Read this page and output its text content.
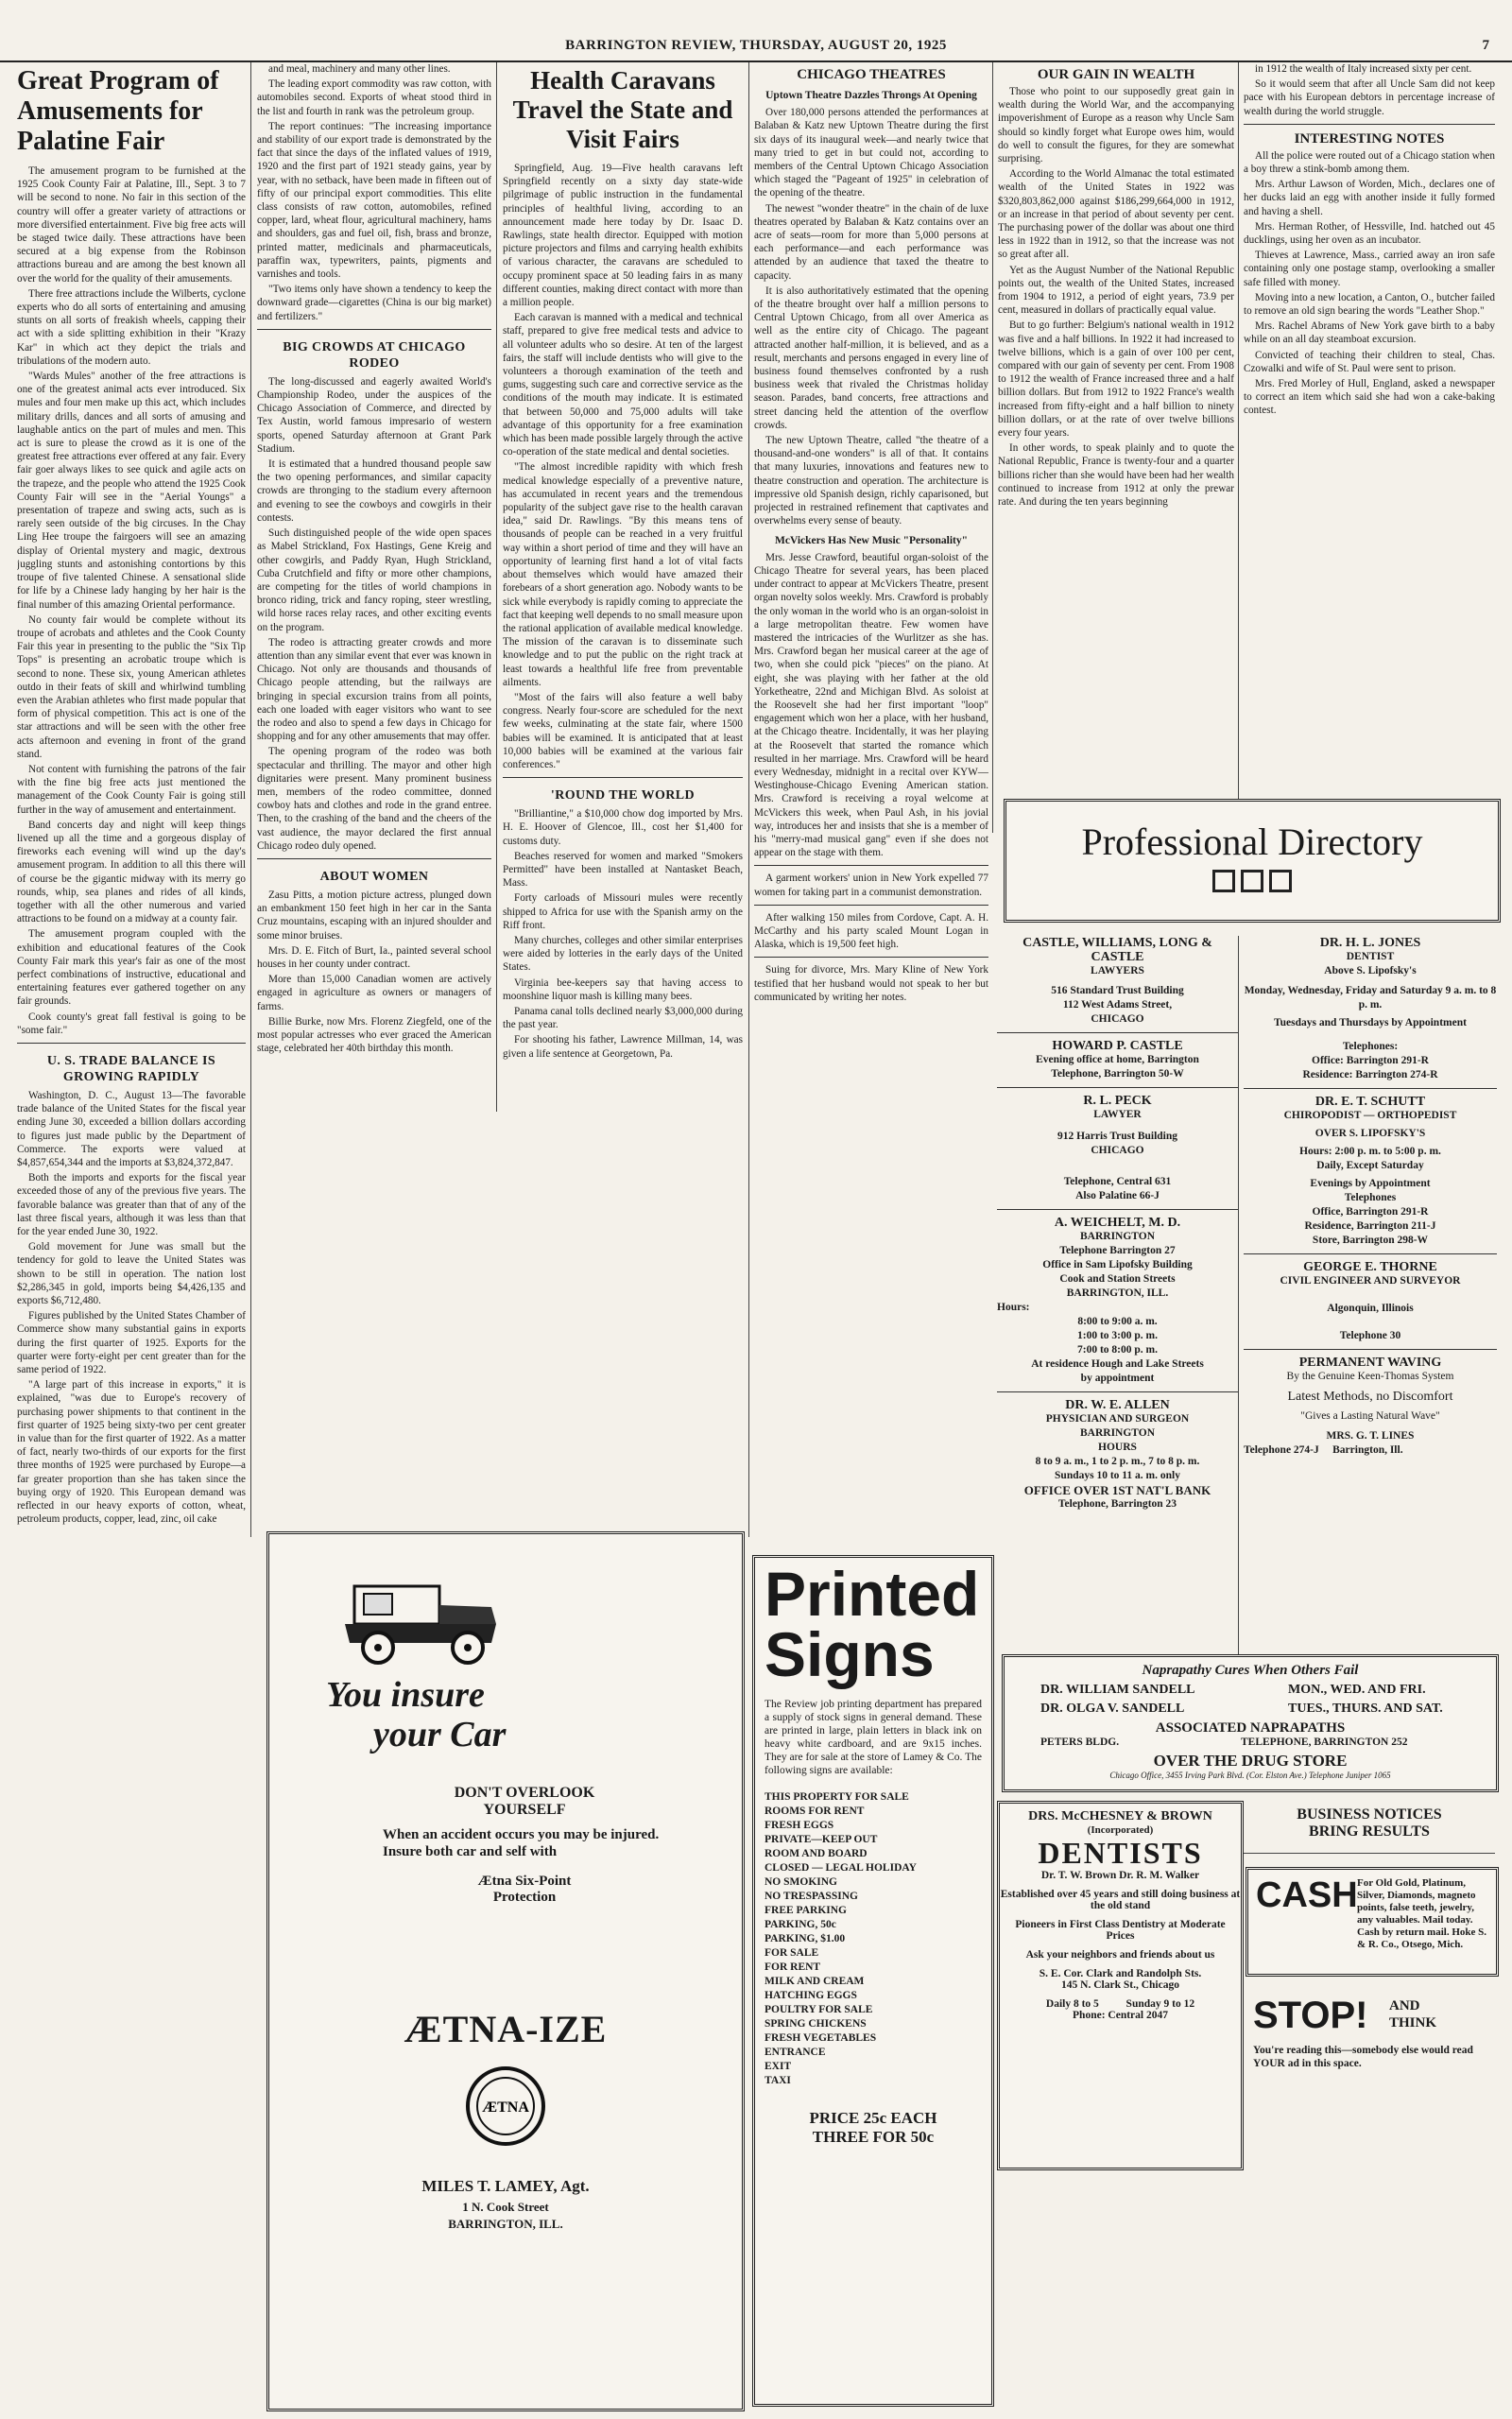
BARRINGTON REVIEW, THURSDAY, AUGUST 20, 1925	7
Great Program of Amusements for Palatine Fair

The amusement program to be furnished at the 1925 Cook County Fair at Palatine, Ill., Sept. 3 to 7 will be second to none. No fair in this section of the country will offer a greater variety of attractions or more diversified entertainment. Five big free acts will be staged twice daily. These attractions have been secured at a big expense from the Robinson attractions bureau and are among the best known all over the world for the quality of their amusements.

There free attractions include the Wilberts, cyclone experts who do all sorts of entertaining and amusing stunts on all sorts of freakish wheels, capping their act with a side splitting exhibition in their "Krazy Kar" in which act they depict the trials and tribulations of the modern auto.

"Wards Mules" another of the free attractions is one of the greatest animal acts ever introduced. Six mules and four men make up this act, which includes military drills, dances and all sorts of amusing and laughable antics on the part of mules and men. This act is sure to please the crowd as it is one of the greatest free attractions ever offered at any fair. Every fair goer always likes to see quick and agile acts on the trapeze, and the people who attend the 1925 Cook County Fair will see in the "Aerial Youngs" a presentation of trapeze and swing acts, such as is rarely seen outside of the big circuses. In the Chay Ling Hee troupe the fairgoers will see an amazing display of Oriental mystery and magic, dextrous juggling stunts and astonishing contortions by this troupe of five talented Chinese. A sensational slide for life by a Chinese lady hanging by her hair is the final number of this amazing Oriental performance.

No county fair would be complete without its troupe of acrobats and athletes and the Cook County Fair this year in presenting to the public the "Six Tip Tops" is presenting an acrobatic troupe which is second to none. These six, young American athletes outdo in their feats of skill and whirlwind tumbling even the Arabian athletes who first made popular that form of physical competition. This act is one of the star attractions and will be seen with the other free acts afternoon and evening in front of the grand stand.

Not content with furnishing the patrons of the fair with the fine big free acts just mentioned the management of the Cook County Fair is going still further in the way of amusement and entertainment.

Band concerts day and night will keep things livened up all the time and a gorgeous display of fireworks each evening will wind up the day's amusement program. In addition to all this there will of course be the gigantic midway with its merry go rounds, whip, sea planes and rides of all kinds, together with all the other numerous and varied attractions to be found on a midway at a county fair.

The amusement program coupled with the exhibition and educational features of the Cook County Fair mark this year's fair as one of the most perfect combinations of instructive, educational and entertaining features ever gathered together on any fair grounds.

Cook county's great fall festival is going to be "some fair."

U. S. TRADE BALANCE IS GROWING RAPIDLY

Washington, D. C., August 13—The favorable trade balance of the United States for the fiscal year ending June 30, exceeded a billion dollars according to figures just made public by the Department of Commerce. The exports were valued at $4,857,654,344 and the imports at $3,824,372,847.

Both the imports and exports for the fiscal year exceeded those of any of the previous five years. The favorable balance was greater than that of any of the last three fiscal years, although it was less than that for the year ended June 30, 1922.

Gold movement for June was small but the tendency for gold to leave the United States was shown to be still in operation. The nation lost $2,286,345 in gold, imports being $4,426,135 and exports $6,712,480.

Figures published by the United States Chamber of Commerce show many substantial gains in exports during the first quarter of 1925. Exports for the quarter were forty-eight per cent greater than for the same period of 1922.

"A large part of this increase in exports," it is explained, "was due to Europe's recovery of purchasing power shipments to that continent in the first quarter of 1925 being sixty-two per cent greater in value than for the first quarter of 1922. As a matter of fact, nearly two-thirds of our exports for the first three months of 1925 were purchased by Europe—a far greater proportion than she has taken since the buying orgy of 1920. This European demand was reflected in our heavy exports of cotton, wheat, petroleum products, copper, lead, zinc, oil cake

and meal, machinery and many other lines.

The leading export commodity was raw cotton, with automobiles second. Exports of wheat stood third in the list and fourth in rank was the petroleum group.

The report continues: "The increasing importance and stability of our export trade is demonstrated by the fact that since the days of the inflated values of 1919, 1920 and the first part of 1921 steady gains, year by year, with no setback, have been made in fifteen out of fifty of our principal export commodities. This elite class consists of raw cotton, automobiles, refined copper, lard, wheat flour, agricultural machinery, hams and shoulders, gas and fuel oil, fish, brass and bronze, printed matter, medicinals and pharmaceuticals, paraffin wax, typewriters, paints, pigments and varnishes and tools.

"Two items only have shown a tendency to keep the downward grade—cigarettes (China is our big market) and fertilizers."

BIG CROWDS AT CHICAGO RODEO

The long-discussed and eagerly awaited World's Championship Rodeo, under the auspices of the Chicago Association of Commerce, and directed by Tex Austin, world famous impresario of western sports, opened Saturday afternoon at Grant Park Stadium.

It is estimated that a hundred thousand people saw the two opening performances, and similar capacity crowds are thronging to the stadium every afternoon and evening to see the cowboys and cowgirls in their contests.

Such distinguished people of the wide open spaces as Mabel Strickland, Fox Hastings, Gene Kreig and other cowgirls, and Paddy Ryan, Hugh Strickland, Cuba Crutchfield and fifty or more other champions, are competing for the titles of world champions in bronco riding, trick and fancy roping, steer wrestling, wild horse races relay races, and other exciting events on the program.

The rodeo is attracting greater crowds and more attention than any similar event that ever was known in Chicago. Not only are thousands and thousands of Chicago people attending, but the railways are bringing in special excursion trains from all points, each one loaded with eager visitors who want to see the rodeo and also to spend a few days in Chicago for shopping and for any other amusements that may offer.

The opening program of the rodeo was both spectacular and thrilling. The mayor and other high dignitaries were present. Many prominent business men, members of the rodeo committee, donned cowboy hats and clothes and rode in the grand entree. Then, to the crashing of the band and the cheers of the vast audience, the mayor declared the first annual Chicago rodeo duly opened.

ABOUT WOMEN

Zasu Pitts, a motion picture actress, plunged down an embankment 150 feet high in her car in the Santa Cruz mountains, escaping with an injured shoulder and some minor bruises.

Mrs. D. E. Fitch of Burt, Ia., painted several school houses in her county under contract.

More than 15,000 Canadian women are actively engaged in agriculture as owners or managers of farms.

Billie Burke, now Mrs. Florenz Ziegfeld, one of the most popular actresses who ever graced the American stage, celebrated her 40th birthday this month.

Health Caravans Travel the State and Visit Fairs

Springfield, Aug. 19—Five health caravans left Springfield recently on a sixty day state-wide pilgrimage of public instruction in the fundamental principles of healthful living, according to an announcement made here today by Dr. Isaac D. Rawlings, state health director. Equipped with motion picture projectors and films and carrying health exhibits of various character, the caravans are scheduled to occupy prominent space at 50 leading fairs in as many different counties, making direct contact with more than a million people.

Each caravan is manned with a medical and technical staff, prepared to give free medical tests and advice to all volunteer adults who so desire. At ten of the largest fairs, the staff will include dentists who will give to the volunteers a thorough examination of the teeth and gums, suggesting such care and corrective service as the conditions of the mouth may indicate. It is estimated that between 50,000 and 75,000 adults will take advantage of this opportunity for a free examination which has been made possible largely through the active co-operation of the state medical and dental societies.

"The almost incredible rapidity with which fresh medical knowledge especially of a preventive nature, has accumulated in recent years and the tremendous popularity of the subject gave rise to the health caravan idea," said Dr. Rawlings. "By this means tens of thousands of people can be reached in a very fruitful way within a short period of time and they will have an opportunity of learning first hand a lot of vital facts about themselves which would have amazed their forebears of a short generation ago. Nobody wants to be sick while everybody is rapidly coming to appreciate the fact that keeping well depends to no small measure upon the rational application of available medical knowledge. The mission of the caravan is to disseminate such knowledge and to put the public on the right track at least towards a healthful life free from preventable ailments.

"Most of the fairs will also feature a well baby congress. Nearly four-score are scheduled for the next few weeks, culminating at the state fair, where 1500 babies will be examined. It is anticipated that at least 10,000 babies will be examined at the various fair conferences."

'ROUND THE WORLD

"Brilliantine," a $10,000 chow dog imported by Mrs. H. E. Hoover of Glencoe, Ill., cost her $1,400 for customs duty.

Beaches reserved for women and marked "Smokers Permitted" have been installed at Nantasket Beach, Mass.

Forty carloads of Missouri mules were recently shipped to Africa for use with the Spanish army on the Riff front.

Many churches, colleges and other similar enterprises were aided by lotteries in the early days of the United States.

Virginia bee-keepers say that having access to moonshine liquor mash is killing many bees.

Panama canal tolls declined nearly $3,000,000 during the past year.

For shooting his father, Lawrence Millman, 14, was given a life sentence at Georgetown, Pa.

CHICAGO THEATRES
Uptown Theatre Dazzles Throngs At Opening

Over 180,000 persons attended the performances at Balaban & Katz new Uptown Theatre during the first six days of its inaugural week—and nearly twice that many tried to get in but could not, according to members of the Central Uptown Chicago Association which staged the "Pageant of 1925" in celebration of the opening of the theatre.

The newest "wonder theatre" in the chain of de luxe theatres operated by Balaban & Katz contains over an acre of seats—room for more than 5,000 persons at each performance—and each performance was attended by an audience that taxed the theatre to capacity.

It is also authoritatively estimated that the opening of the theatre brought over half a million persons to Central Uptown Chicago, from all over America as well as the entire city of Chicago. The pageant attracted another half-million, it is believed, and as a result, merchants and persons engaged in every line of business found themselves confronted by a rush business week that rivaled the Christmas holiday season. Parades, band concerts, free attractions and street dancing held the attention of the overflow crowds.

The new Uptown Theatre, called "the theatre of a thousand-and-one wonders" is all of that. It contains that many luxuries, innovations and features new to theatre construction and operation. The architecture is impressive old Spanish design, richly caparisoned, but projected in restrained refinement that captivates and overwhelms every sense of beauty.

McVickers Has New Music "Personality"

Mrs. Jesse Crawford, beautiful organ-soloist of the Chicago Theatre for several years, has been placed under contract to appear at McVickers Theatre, present organ novelty solos weekly. Mrs. Crawford is probably the only woman in the world who is an organ-soloist in a large metropolitan theatre. Few women have mastered the intricacies of the Wurlitzer as she has. Mrs. Crawford began her musical career at the age of two, when she could pick "pieces" on the piano. At eight, she was playing with her father at the old Yorketheatre, 22nd and Michigan Blvd. As soloist at the Roosevelt she had her first important "loop" engagement which won her a place, with her husband, at the Chicago theatre. Incidentally, it was her playing at the Roosevelt that started the romance which resulted in her marriage. Mrs. Crawford will be heard every Wednesday, midnight in a recital over KYW—Westinghouse-Chicago Evening American station. Mrs. Crawford is receiving a royal welcome at McVickers this week, when Paul Ash, in his jovial way, introduces her and insists that she is a member of his "merry-mad musical gang" even if she does not appear on the stage with them.

A garment workers' union in New York expelled 77 women for taking part in a communist demonstration.

After walking 150 miles from Cordove, Capt. A. H. McCarthy and his party scaled Mount Logan in Alaska, which is 19,500 feet high.

Suing for divorce, Mrs. Mary Kline of New York testified that her husband would not speak to her but communicated by writing her notes.

OUR GAIN IN WEALTH

Those who point to our supposedly great gain in wealth during the World War, and the accompanying impoverishment of Europe as a reason why Uncle Sam should so kindly forget what Europe owes him, would do well to consult the figures, for they are somewhat surprising.

According to the World Almanac the total estimated wealth of the United States in 1922 was $320,803,862,000 against $186,299,664,000 in 1912, or an increase in that period of about seventy per cent. The purchasing power of the dollar was about one third less in 1922 than in 1912, so that the increase was not so great after all.

Yet as the August Number of the National Republic points out, the wealth of the United States, increased from 1904 to 1912, a period of eight years, 73.9 per cent, measured in dollars of practically equal value.

But to go further: Belgium's national wealth in 1912 was five and a half billions. In 1922 it had increased to twelve billions, which is a gain of over 100 per cent, compared with our gain of seventy per cent. From 1908 to 1912 the wealth of France increased three and a half billion dollars. But from 1912 to 1922 France's wealth increased from fifty-eight and a half billion to ninety billion dollars, or at the rate of over twelve billions every four years.

In other words, to speak plainly and to quote the National Republic, France is twenty-four and a quarter billions richer than she would have been had her wealth continued to increase from 1912 at only the prewar rate. And during the ten years beginning

in 1912 the wealth of Italy increased sixty per cent.

So it would seem that after all Uncle Sam did not keep pace with his European debtors in percentage increase of wealth during the world struggle.

INTERESTING NOTES

All the police were routed out of a Chicago station when a boy threw a stink-bomb among them.

Mrs. Arthur Lawson of Worden, Mich., declares one of her ducks laid an egg with another inside it fully formed and having a shell.

Mrs. Herman Rother, of Hessville, Ind. hatched out 45 ducklings, using her oven as an incubator.

Thieves at Lawrence, Mass., carried away an iron safe containing only one postage stamp, overlooking a smaller safe filled with money.

Moving into a new location, a Canton, O., butcher failed to remove an old sign bearing the words "Leather Shop."

Mrs. Rachel Abrams of New York gave birth to a baby while on an all day steamboat excursion.

Convicted of teaching their children to steal, Chas. Czowalki and wife of St. Paul were sent to prison.

Mrs. Fred Morley of Hull, England, asked a newspaper to correct an item which said she had won a cake-baking contest.

You insure
your Car
DON'T OVERLOOK
YOURSELF
When an accident occurs you may be injured. Insure both car and self with
Ætna Six-Point
Protection
ÆTNA-IZE
ÆTNA
MILES T. LAMEY, Agt.
1 N. Cook Street
BARRINGTON, ILL.
Printed
Signs
The Review job printing department has prepared a supply of stock signs in general demand. These are printed in large, plain letters in black ink on heavy white cardboard, and are 9x15 inches. They are for sale at the store of Lamey & Co. The following signs are available:
THIS PROPERTY FOR SALE
ROOMS FOR RENT
FRESH EGGS
PRIVATE—KEEP OUT
ROOM AND BOARD
CLOSED — LEGAL HOLIDAY
NO SMOKING
NO TRESPASSING
FREE PARKING
PARKING, 50c
PARKING, $1.00
FOR SALE
FOR RENT
MILK AND CREAM
HATCHING EGGS
POULTRY FOR SALE
SPRING CHICKENS
FRESH VEGETABLES
ENTRANCE
EXIT
TAXI
PRICE 25c EACH
THREE FOR 50c
Professional Directory
CASTLE, WILLIAMS, LONG & CASTLE
LAWYERS
516 Standard Trust Building
112 West Adams Street,
CHICAGO
HOWARD P. CASTLE
Evening office at home, Barrington
Telephone, Barrington 50-W
R. L. PECK
LAWYER
912 Harris Trust Building
CHICAGO
Telephone, Central 631
Also Palatine 66-J
A. WEICHELT, M. D.
BARRINGTON
Telephone Barrington 27
Office in Sam Lipofsky Building
Cook and Station Streets
BARRINGTON, ILL.
Hours:
8:00 to 9:00 a. m.
1:00 to 3:00 p. m.
7:00 to 8:00 p. m.
At residence Hough and Lake Streets
by appointment
DR. W. E. ALLEN
PHYSICIAN AND SURGEON
BARRINGTON
HOURS
8 to 9 a. m., 1 to 2 p. m., 7 to 8 p. m.
Sundays 10 to 11 a. m. only
OFFICE OVER 1ST NAT'L BANK
Telephone, Barrington 23
DR. H. L. JONES
DENTIST
Above S. Lipofsky's
Monday, Wednesday, Friday and Saturday 9 a. m. to 8 p. m.
Tuesdays and Thursdays by Appointment
Telephones:
Office: Barrington 291-R
Residence: Barrington 274-R
DR. E. T. SCHUTT
CHIROPODIST — ORTHOPEDIST
OVER S. LIPOFSKY'S
Hours: 2:00 p. m. to 5:00 p. m.
Daily, Except Saturday
Evenings by Appointment
Telephones
Office, Barrington 291-R
Residence, Barrington 211-J
Store, Barrington 298-W
GEORGE E. THORNE
CIVIL ENGINEER AND SURVEYOR
Algonquin, Illinois
Telephone 30
PERMANENT WAVING
By the Genuine Keen-Thomas System
Latest Methods, no Discomfort
"Gives a Lasting Natural Wave"
MRS. G. T. LINES
Telephone 274-J Barrington, Ill.
Naprapathy Cures When Others Fail
DR. WILLIAM SANDELL	MON., WED. AND FRI.
DR. OLGA V. SANDELL	TUES., THURS. AND SAT.
ASSOCIATED NAPRAPATHS
PETERS BLDG.	TELEPHONE, BARRINGTON 252
OVER THE DRUG STORE
Chicago Office, 3455 Irving Park Blvd. (Cor. Elston Ave.) Telephone Juniper 1065
DRS. McCHESNEY & BROWN
(Incorporated)
DENTISTS
Dr. T. W. Brown Dr. R. M. Walker
Established over 45 years and still doing business at the old stand
Pioneers in First Class Dentistry at Moderate Prices
Ask your neighbors and friends about us
S. E. Cor. Clark and Randolph Sts.
145 N. Clark St., Chicago
Daily 8 to 5          Sunday 9 to 12
Phone: Central 2047
BUSINESS NOTICES
BRING RESULTS
CASH For Old Gold, Platinum, Silver, Diamonds, magneto points, false teeth, jewelry, any valuables. Mail today. Cash by return mail. Hoke S. & R. Co., Otsego, Mich.
STOP! AND
THINK
You're reading this—somebody else would read YOUR ad in this space.
